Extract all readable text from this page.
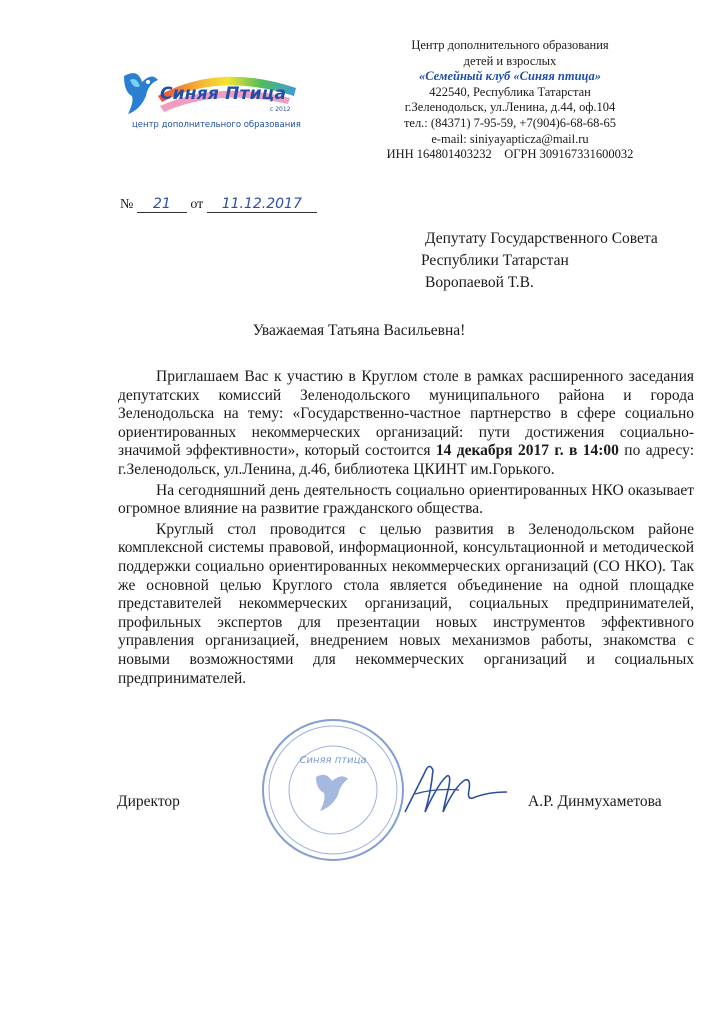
Синяя Птица
с 2012
центр дополнительного образования
Центр дополнительного образования
детей и взрослых
«Семейный клуб «Синяя птица»
422540, Республика Татарстан
г.Зеленодольск, ул.Ленина, д.44, оф.104
тел.: (84371) 7-95-59, +7(904)6-68-68-65
e-mail: siniyayapticza@mail.ru
ИНН 164801403232    ОГРН 309167331600032
№ 21 от 11.12.2017
Депутату Государственного Совета
Республики Татарстан
Воропаевой Т.В.
Уважаемая Татьяна Васильевна!

Приглашаем Вас к участию в Круглом столе в рамках расширенного заседания депутатских комиссий Зеленодольского муниципального района и города Зеленодольска на тему: «Государственно-частное партнерство в сфере социально ориентированных некоммерческих организаций: пути достижения социально-значимой эффективности», который состоится 14 декабря 2017 г. в 14:00 по адресу: г.Зеленодольск, ул.Ленина, д.46, библиотека ЦКИНТ им.Горького.

На сегодняшний день деятельность социально ориентированных НКО оказывает огромное влияние на развитие гражданского общества.

Круглый стол проводится с целью развития в Зеленодольском районе комплексной системы правовой, информационной, консультационной и методической поддержки социально ориентированных некоммерческих организаций (СО НКО). Так же основной целью Круглого стола является объединение на одной площадке представителей некоммерческих организаций, социальных предпринимателей, профильных экспертов для презентации новых инструментов эффективного управления организацией, внедрением новых механизмов работы, знакомства с новыми возможностями для некоммерческих организаций и социальных предпринимателей.

Синяя птица
Директор	А.Р. Динмухаметова
